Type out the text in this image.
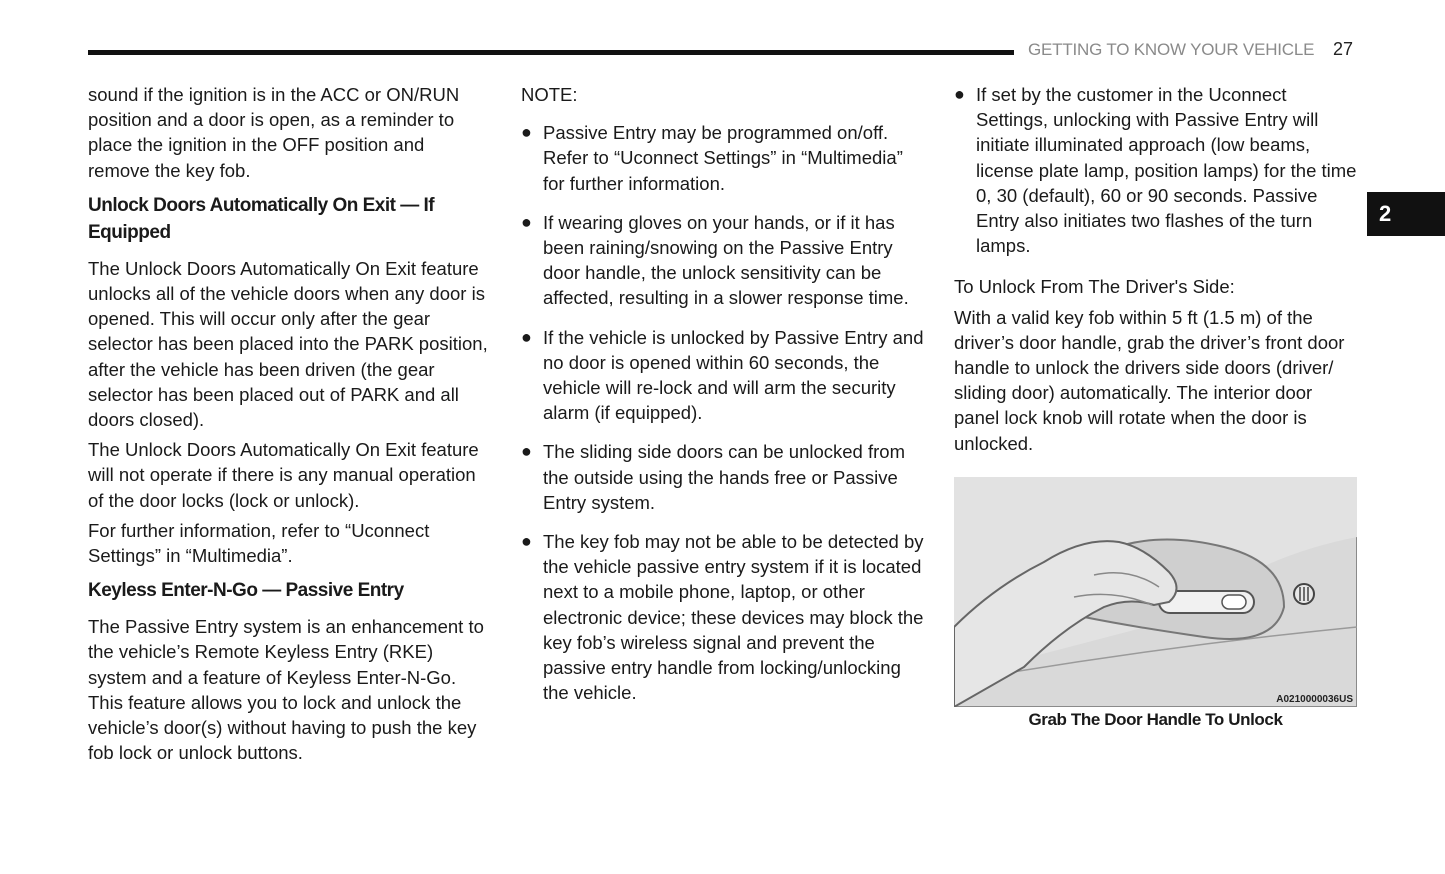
GETTING TO KNOW YOUR VEHICLE 27
2

sound if the ignition is in the ACC or ON/RUN position and a door is open, as a reminder to place the ignition in the OFF position and remove the key fob.

Unlock Doors Automatically On Exit — If Equipped

The Unlock Doors Automatically On Exit feature unlocks all of the vehicle doors when any door is opened. This will occur only after the gear selector has been placed into the PARK position, after the vehicle has been driven (the gear selector has been placed out of PARK and all doors closed).

The Unlock Doors Automatically On Exit feature will not operate if there is any manual operation of the door locks (lock or unlock).

For further information, refer to “Uconnect Settings” in “Multimedia”.

Keyless Enter-N-Go — Passive Entry

The Passive Entry system is an enhancement to the vehicle’s Remote Keyless Entry (RKE) system and a feature of Keyless Enter-N-Go. This feature allows you to lock and unlock the vehicle’s door(s) without having to push the key fob lock or unlock buttons.

NOTE:

● Passive Entry may be programmed on/off. Refer to “Uconnect Settings” in “Multimedia” for further information.
● If wearing gloves on your hands, or if it has been raining/snowing on the Passive Entry door handle, the unlock sensitivity can be affected, resulting in a slower response time.
● If the vehicle is unlocked by Passive Entry and no door is opened within 60 seconds, the vehicle will re-lock and will arm the security alarm (if equipped).
● The sliding side doors can be unlocked from the outside using the hands free or Passive Entry system.
● The key fob may not be able to be detected by the vehicle passive entry system if it is located next to a mobile phone, laptop, or other electronic device; these devices may block the key fob’s wireless signal and prevent the passive entry handle from locking/unlocking the vehicle.
● If set by the customer in the Uconnect Settings, unlocking with Passive Entry will initiate illuminated approach (low beams, license plate lamp, position lamps) for the time 0, 30 (default), 60 or 90 seconds. Passive Entry also initiates two flashes of the turn lamps.

To Unlock From The Driver's Side:

With a valid key fob within 5 ft (1.5 m) of the driver’s door handle, grab the driver’s front door handle to unlock the drivers side doors (driver/ sliding door) automatically. The interior door panel lock knob will rotate when the door is unlocked.

A0210000036US
Grab The Door Handle To Unlock
